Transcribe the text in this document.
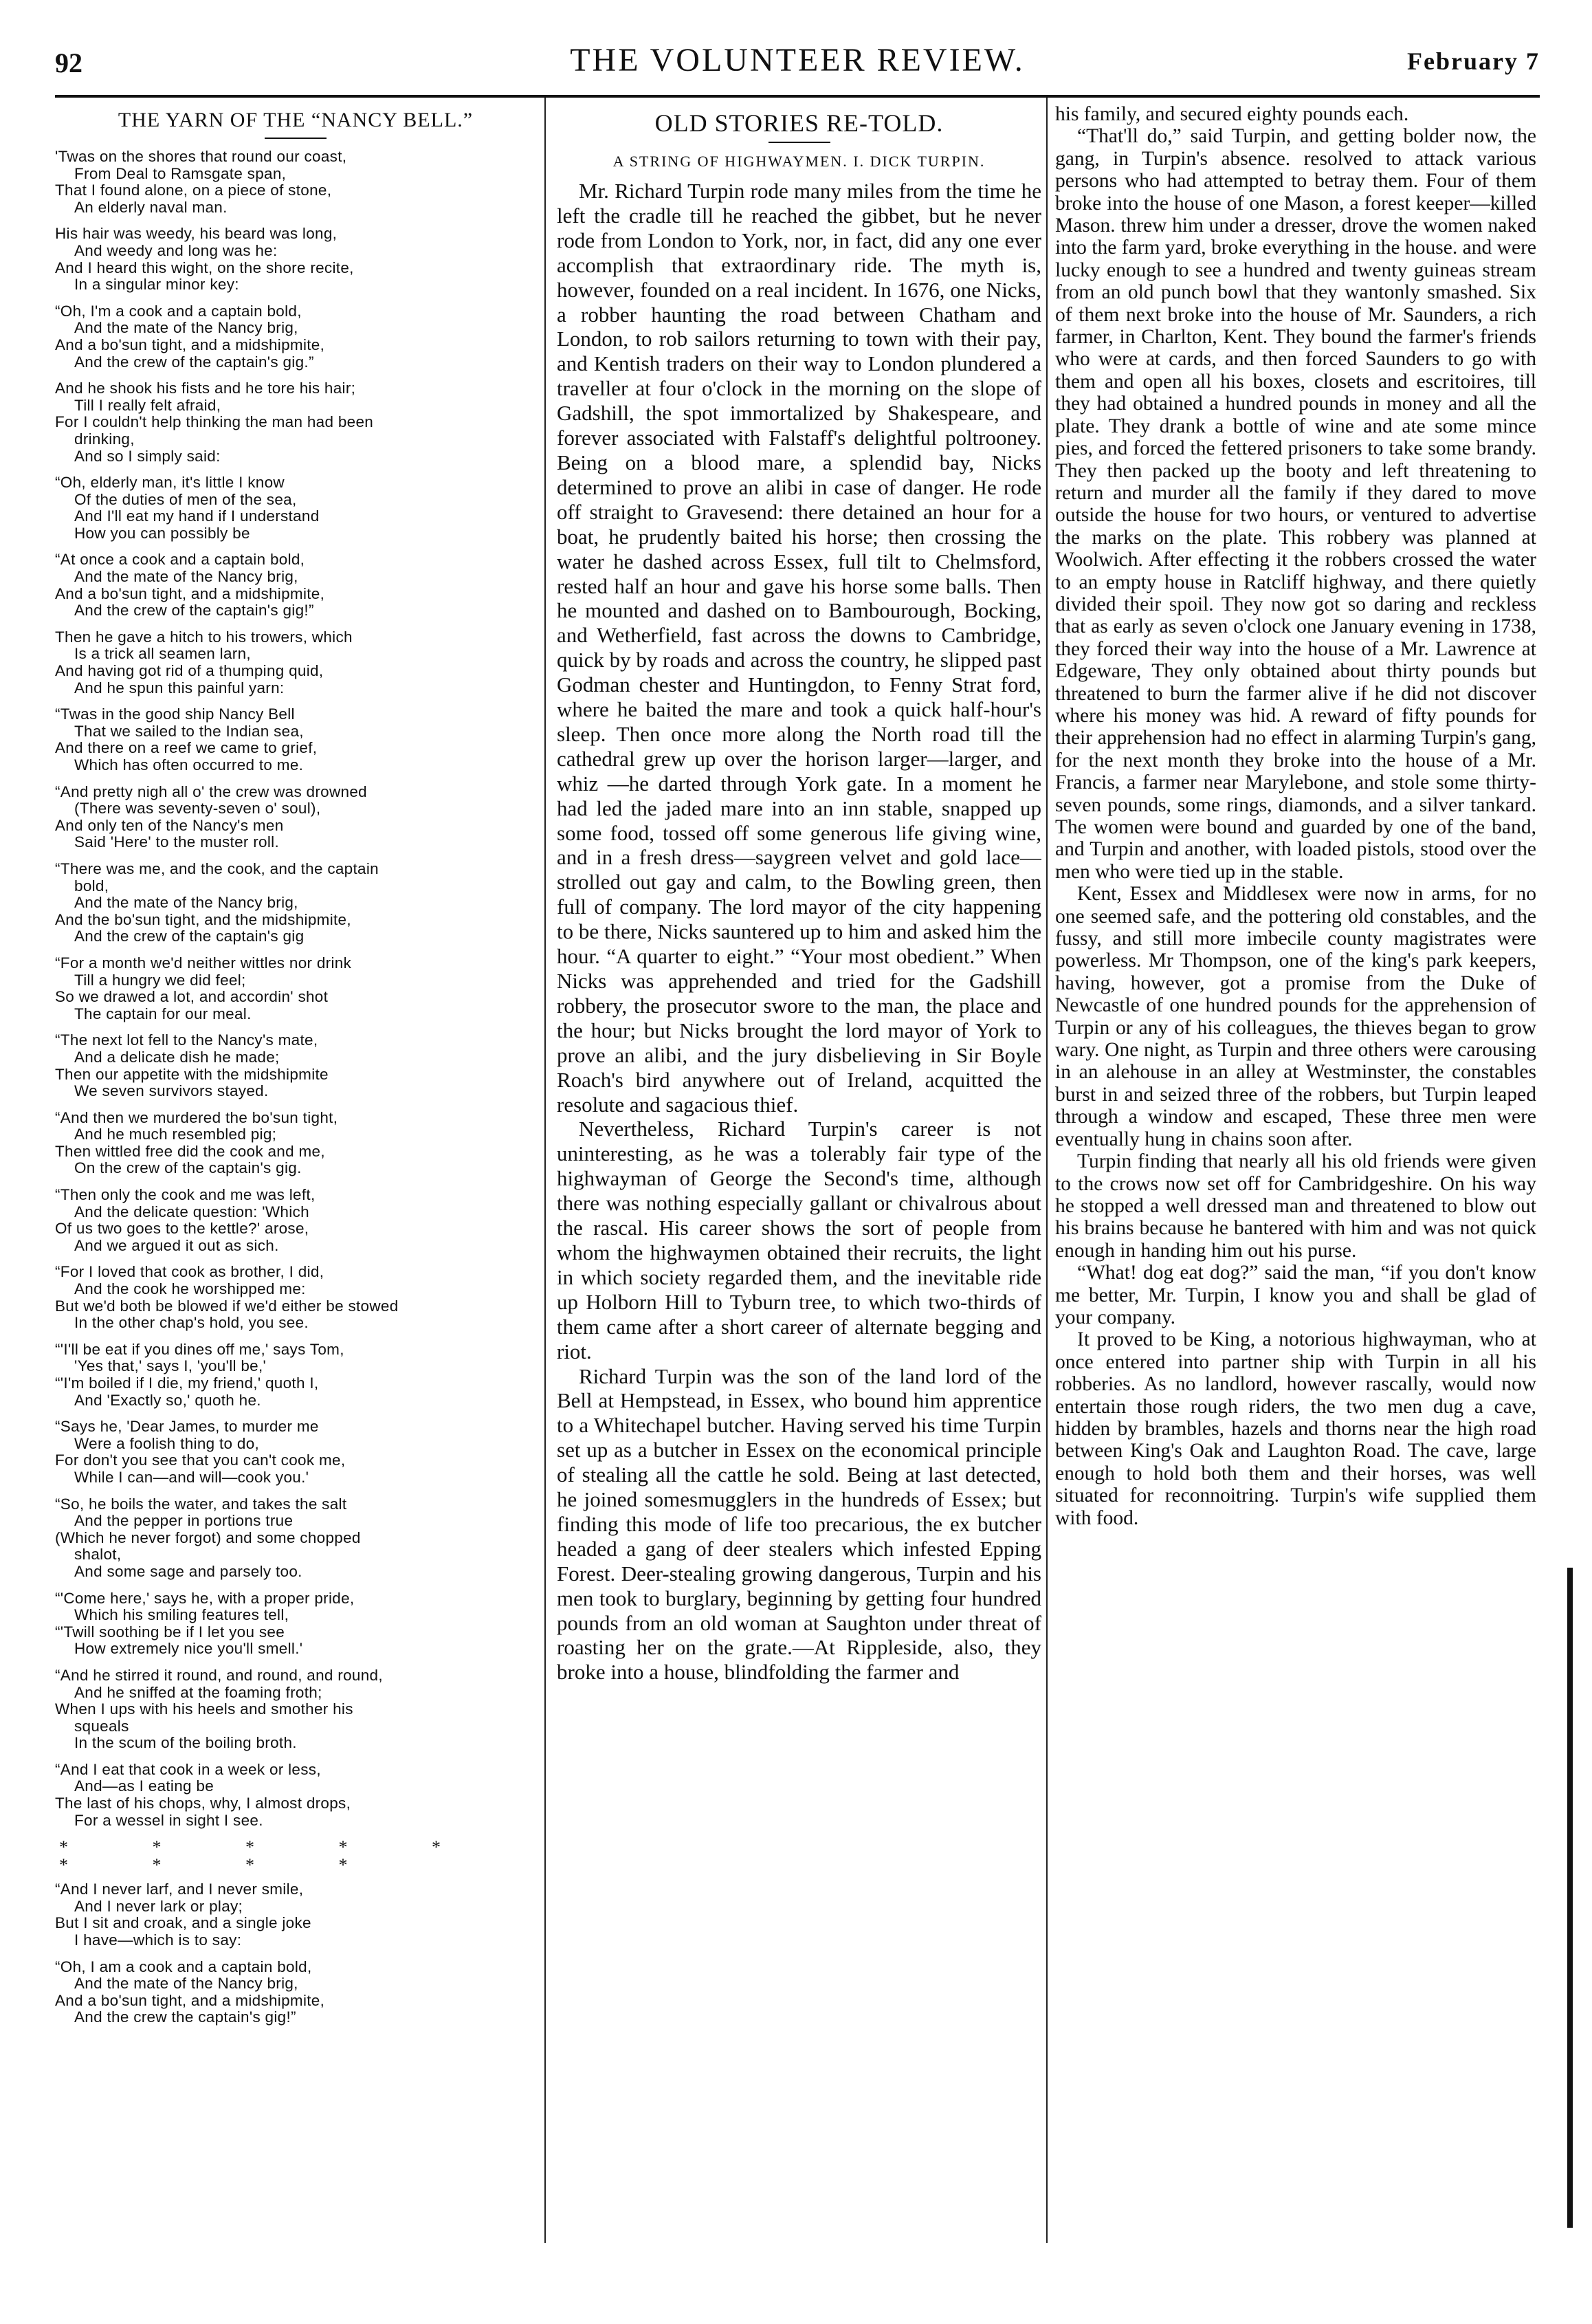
92	THE VOLUNTEER REVIEW.	February 7
THE YARN OF THE “NANCY BELL.”
'Twas on the shores that round our coast,
From Deal to Ramsgate span,
That I found alone, on a piece of stone,
An elderly naval man.
His hair was weedy, his beard was long,
And weedy and long was he:
And I heard this wight, on the shore recite,
In a singular minor key:
“Oh, I'm a cook and a captain bold,
And the mate of the Nancy brig,
And a bo'sun tight, and a midshipmite,
And the crew of the captain's gig.”
And he shook his fists and he tore his hair;
Till I really felt afraid,
For I couldn't help thinking the man had been
drinking,
And so I simply said:
“Oh, elderly man, it's little I know
Of the duties of men of the sea,
And I'll eat my hand if I understand
How you can possibly be
“At once a cook and a captain bold,
And the mate of the Nancy brig,
And a bo'sun tight, and a midshipmite,
And the crew of the captain's gig!”
Then he gave a hitch to his trowers, which
Is a trick all seamen larn,
And having got rid of a thumping quid,
And he spun this painful yarn:
“Twas in the good ship Nancy Bell
That we sailed to the Indian sea,
And there on a reef we came to grief,
Which has often occurred to me.
“And pretty nigh all o' the crew was drowned
(There was seventy-seven o' soul),
And only ten of the Nancy's men
Said 'Here' to the muster roll.
“There was me, and the cook, and the captain
bold,
And the mate of the Nancy brig,
And the bo'sun tight, and the midshipmite,
And the crew of the captain's gig
“For a month we'd neither wittles nor drink
Till a hungry we did feel;
So we drawed a lot, and accordin' shot
The captain for our meal.
“The next lot fell to the Nancy's mate,
And a delicate dish he made;
Then our appetite with the midshipmite
We seven survivors stayed.
“And then we murdered the bo'sun tight,
And he much resembled pig;
Then wittled free did the cook and me,
On the crew of the captain's gig.
“Then only the cook and me was left,
And the delicate question: 'Which
Of us two goes to the kettle?' arose,
And we argued it out as sich.
“For I loved that cook as brother, I did,
And the cook he worshipped me:
But we'd both be blowed if we'd either be stowed
In the other chap's hold, you see.
“'I'll be eat if you dines off me,' says Tom,
'Yes that,' says I, 'you'll be,'
“'I'm boiled if I die, my friend,' quoth I,
And 'Exactly so,' quoth he.
“Says he, 'Dear James, to murder me
Were a foolish thing to do,
For don't you see that you can't cook me,
While I can—and will—cook you.'
“So, he boils the water, and takes the salt
And the pepper in portions true
(Which he never forgot) and some chopped
shalot,
And some sage and parsely too.
“'Come here,' says he, with a proper pride,
Which his smiling features tell,
“'Twill soothing be if I let you see
How extremely nice you'll smell.'
“And he stirred it round, and round, and round,
And he sniffed at the foaming froth;
When I ups with his heels and smother his
squeals
In the scum of the boiling broth.
“And I eat that cook in a week or less,
And—as I eating be
The last of his chops, why, I almost drops,
For a wessel in sight I see.
* * * * * * * * *
“And I never larf, and I never smile,
And I never lark or play;
But I sit and croak, and a single joke
I have—which is to say:
“Oh, I am a cook and a captain bold,
And the mate of the Nancy brig,
And a bo'sun tight, and a midshipmite,
And the crew the captain's gig!”
OLD STORIES RE-TOLD.
A STRING OF HIGHWAYMEN. I. DICK TURPIN.

Mr. Richard Turpin rode many miles from the time he left the cradle till he reached the gibbet, but he never rode from London to York, nor, in fact, did any one ever accomplish that extraordinary ride. The myth is, however, founded on a real incident. In 1676, one Nicks, a robber haunting the road between Chatham and London, to rob sailors returning to town with their pay, and Kentish traders on their way to London plundered a traveller at four o'clock in the morning on the slope of Gadshill, the spot immortalized by Shakespeare, and forever associated with Falstaff's delightful poltrooney. Being on a blood mare, a splendid bay, Nicks determined to prove an alibi in case of danger. He rode off straight to Gravesend: there detained an hour for a boat, he prudently baited his horse; then crossing the water he dashed across Essex, full tilt to Chelmsford, rested half an hour and gave his horse some balls. Then he mounted and dashed on to Bambourough, Bocking, and Wetherfield, fast across the downs to Cambridge, quick by by roads and across the country, he slipped past Godman chester and Huntingdon, to Fenny Strat ford, where he baited the mare and took a quick half-hour's sleep. Then once more along the North road till the cathedral grew up over the horison larger—larger, and whiz —he darted through York gate. In a moment he had led the jaded mare into an inn stable, snapped up some food, tossed off some generous life giving wine, and in a fresh dress—saygreen velvet and gold lace—strolled out gay and calm, to the Bowling green, then full of company. The lord mayor of the city happening to be there, Nicks sauntered up to him and asked him the hour. “A quarter to eight.” “Your most obedient.” When Nicks was apprehended and tried for the Gadshill robbery, the prosecutor swore to the man, the place and the hour; but Nicks brought the lord mayor of York to prove an alibi, and the jury disbelieving in Sir Boyle Roach's bird anywhere out of Ireland, acquitted the resolute and sagacious thief.

Nevertheless, Richard Turpin's career is not uninteresting, as he was a tolerably fair type of the highwayman of George the Second's time, although there was nothing especially gallant or chivalrous about the rascal. His career shows the sort of people from whom the highwaymen obtained their recruits, the light in which society regarded them, and the inevitable ride up Holborn Hill to Tyburn tree, to which two-thirds of them came after a short career of alternate begging and riot.

Richard Turpin was the son of the land lord of the Bell at Hempstead, in Essex, who bound him apprentice to a Whitechapel butcher. Having served his time Turpin set up as a butcher in Essex on the economical principle of stealing all the cattle he sold. Being at last detected, he joined somesmugglers in the hundreds of Essex; but finding this mode of life too precarious, the ex butcher headed a gang of deer stealers which infested Epping Forest. Deer-stealing growing dangerous, Turpin and his men took to burglary, beginning by getting four hundred pounds from an old woman at Saughton under threat of roasting her on the grate.—At Rippleside, also, they broke into a house, blindfolding the farmer and

his family, and secured eighty pounds each.

“That'll do,” said Turpin, and getting bolder now, the gang, in Turpin's absence. resolved to attack various persons who had attempted to betray them. Four of them broke into the house of one Mason, a forest keeper—killed Mason. threw him under a dresser, drove the women naked into the farm yard, broke everything in the house. and were lucky enough to see a hundred and twenty guineas stream from an old punch bowl that they wantonly smashed. Six of them next broke into the house of Mr. Saunders, a rich farmer, in Charlton, Kent. They bound the farmer's friends who were at cards, and then forced Saunders to go with them and open all his boxes, closets and escritoires, till they had obtained a hundred pounds in money and all the plate. They drank a bottle of wine and ate some mince pies, and forced the fettered prisoners to take some brandy. They then packed up the booty and left threatening to return and murder all the family if they dared to move outside the house for two hours, or ventured to advertise the marks on the plate. This robbery was planned at Woolwich. After effecting it the robbers crossed the water to an empty house in Ratcliff highway, and there quietly divided their spoil. They now got so daring and reckless that as early as seven o'clock one January evening in 1738, they forced their way into the house of a Mr. Lawrence at Edgeware, They only obtained about thirty pounds but threatened to burn the farmer alive if he did not discover where his money was hid. A reward of fifty pounds for their apprehension had no effect in alarming Turpin's gang, for the next month they broke into the house of a Mr. Francis, a farmer near Marylebone, and stole some thirty-seven pounds, some rings, diamonds, and a silver tankard. The women were bound and guarded by one of the band, and Turpin and another, with loaded pistols, stood over the men who were tied up in the stable.

Kent, Essex and Middlesex were now in arms, for no one seemed safe, and the pottering old constables, and the fussy, and still more imbecile county magistrates were powerless. Mr Thompson, one of the king's park keepers, having, however, got a promise from the Duke of Newcastle of one hundred pounds for the apprehension of Turpin or any of his colleagues, the thieves began to grow wary. One night, as Turpin and three others were carousing in an alehouse in an alley at Westminster, the constables burst in and seized three of the robbers, but Turpin leaped through a window and escaped, These three men were eventually hung in chains soon after.

Turpin finding that nearly all his old friends were given to the crows now set off for Cambridgeshire. On his way he stopped a well dressed man and threatened to blow out his brains because he bantered with him and was not quick enough in handing him out his purse.

“What! dog eat dog?” said the man, “if you don't know me better, Mr. Turpin, I know you and shall be glad of your company.

It proved to be King, a notorious highwayman, who at once entered into partner ship with Turpin in all his robberies. As no landlord, however rascally, would now entertain those rough riders, the two men dug a cave, hidden by brambles, hazels and thorns near the high road between King's Oak and Laughton Road. The cave, large enough to hold both them and their horses, was well situated for reconnoitring. Turpin's wife supplied them with food.
